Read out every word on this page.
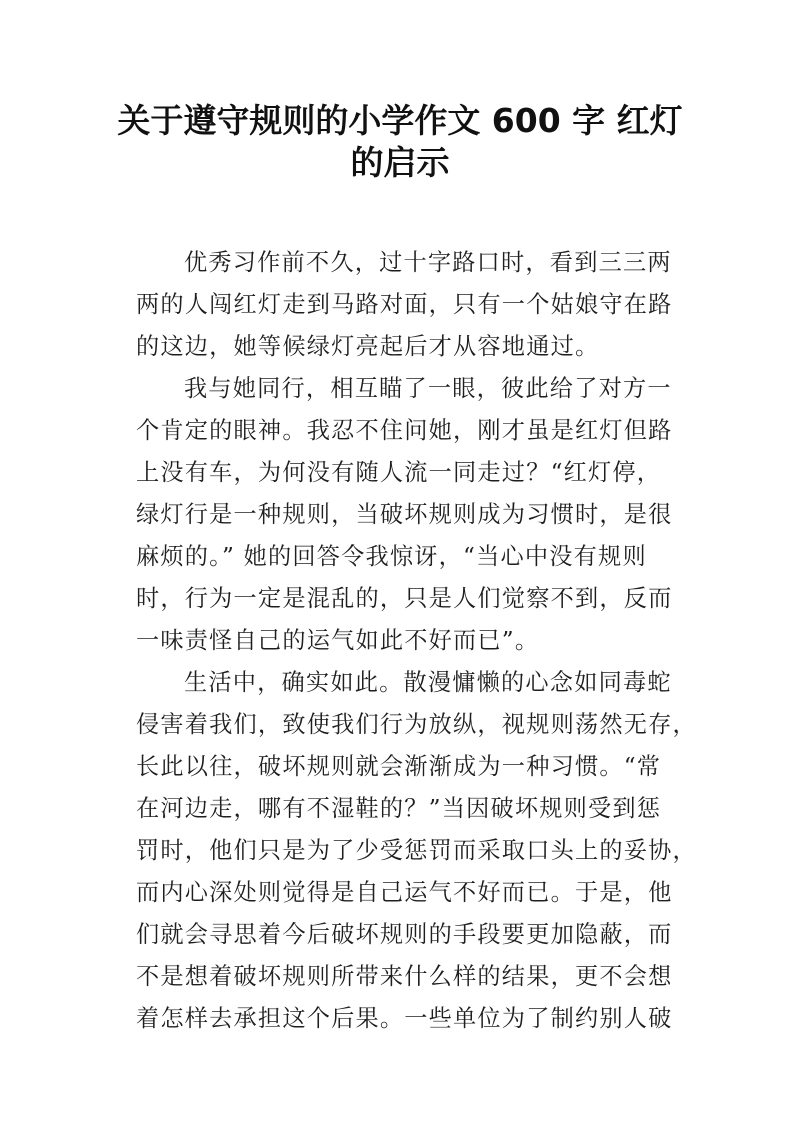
关于遵守规则的小学作文 600 字 红灯
的启示
优秀习作前不久，过十字路口时，看到三三两
两的人闯红灯走到马路对面，只有一个姑娘守在路
的这边，她等候绿灯亮起后才从容地通过。
我与她同行，相互瞄了一眼，彼此给了对方一
个肯定的眼神。我忍不住问她，刚才虽是红灯但路
上没有车，为何没有随人流一同走过？“红灯停，
绿灯行是一种规则，当破坏规则成为习惯时，是很
麻烦的。” 她的回答令我惊讶，“当心中没有规则
时，行为一定是混乱的，只是人们觉察不到，反而
一味责怪自己的运气如此不好而已”。
生活中，确实如此。散漫慵懒的心念如同毒蛇
侵害着我们，致使我们行为放纵，视规则荡然无存，
长此以往，破坏规则就会渐渐成为一种习惯。“常
在河边走，哪有不湿鞋的？”当因破坏规则受到惩
罚时，他们只是为了少受惩罚而采取口头上的妥协，
而内心深处则觉得是自己运气不好而已。于是，他
们就会寻思着今后破坏规则的手段要更加隐蔽，而
不是想着破坏规则所带来什么样的结果，更不会想
着怎样去承担这个后果。一些单位为了制约别人破
